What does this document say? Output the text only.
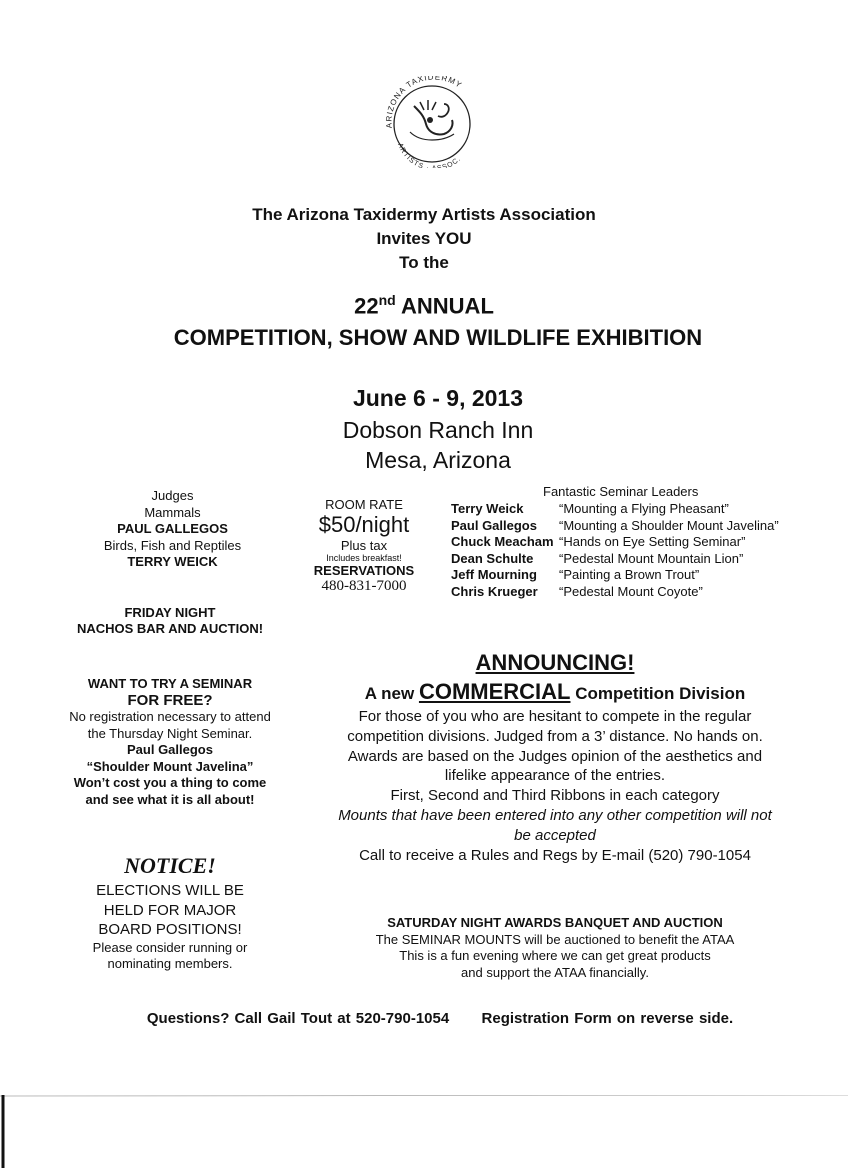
ARIZONA TAXIDERMY
ARTISTS SOC.
The Arizona Taxidermy Artists Association
Invites YOU
To the
22nd ANNUAL
COMPETITION, SHOW AND WILDLIFE EXHIBITION
June 6 - 9, 2013
Dobson Ranch Inn
Mesa, Arizona
Judges
Mammals
PAUL GALLEGOS
Birds, Fish and Reptiles
TERRY WEICK
ROOM RATE
$50/night
Plus tax
Includes breakfast!
RESERVATIONS
480-831-7000
Fantastic Seminar Leaders
Terry Weick	“Mounting a Flying Pheasant”
Paul Gallegos “Mounting a Shoulder Mount Javelina”
Chuck Meacham “Hands on Eye Setting Seminar”
Dean Schulte “Pedestal Mount Mountain Lion”
Jeff Mourning “Painting a Brown Trout”
Chris Krueger “Pedestal Mount Coyote”
FRIDAY NIGHT
NACHOS BAR AND AUCTION!
WANT TO TRY A SEMINAR
FOR FREE?
No registration necessary to attend
the Thursday Night Seminar.
Paul Gallegos
“Shoulder Mount Javelina”
Won’t cost you a thing to come
and see what it is all about!
NOTICE!
ELECTIONS WILL BE
HELD FOR MAJOR
BOARD POSITIONS!
Please consider running or
nominating members.
ANNOUNCING!
A new COMMERCIAL Competition Division
For those of you who are hesitant to compete in the regular
competition divisions. Judged from a 3’ distance. No hands on.
Awards are based on the Judges opinion of the aesthetics and
lifelike appearance of the entries.
First, Second and Third Ribbons in each category
Mounts that have been entered into any other competition will not
be accepted
Call to receive a Rules and Regs by E-mail (520) 790-1054
SATURDAY NIGHT AWARDS BANQUET AND AUCTION
The SEMINAR MOUNTS will be auctioned to benefit the ATAA
This is a fun evening where we can get great products
and support the ATAA financially.
Questions? Call Gail Tout at 520-790-1054 Registration Form on reverse side.
